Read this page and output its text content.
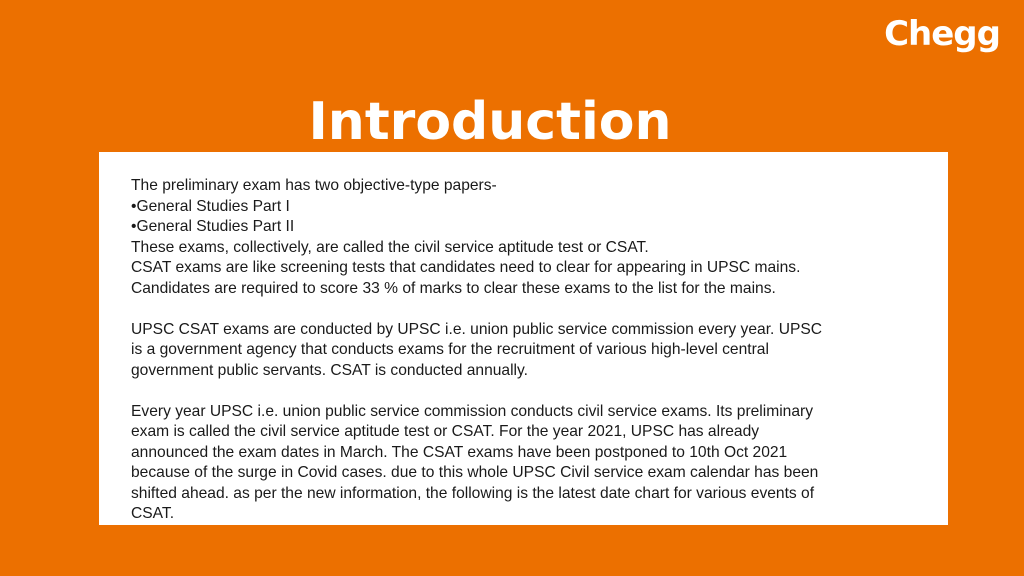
Chegg
Introduction

The preliminary exam has two objective-type papers-
•General Studies Part I
•General Studies Part II
These exams, collectively, are called the civil service aptitude test or CSAT.
CSAT exams are like screening tests that candidates need to clear for appearing in UPSC mains.
Candidates are required to score 33 % of marks to clear these exams to the list for the mains.

UPSC CSAT exams are conducted by UPSC i.e. union public service commission every year. UPSC
is a government agency that conducts exams for the recruitment of various high-level central
government public servants. CSAT is conducted annually.

Every year UPSC i.e. union public service commission conducts civil service exams. Its preliminary
exam is called the civil service aptitude test or CSAT. For the year 2021, UPSC has already
announced the exam dates in March. The CSAT exams have been postponed to 10th Oct 2021
because of the surge in Covid cases. due to this whole UPSC Civil service exam calendar has been
shifted ahead. as per the new information, the following is the latest date chart for various events of
CSAT.
